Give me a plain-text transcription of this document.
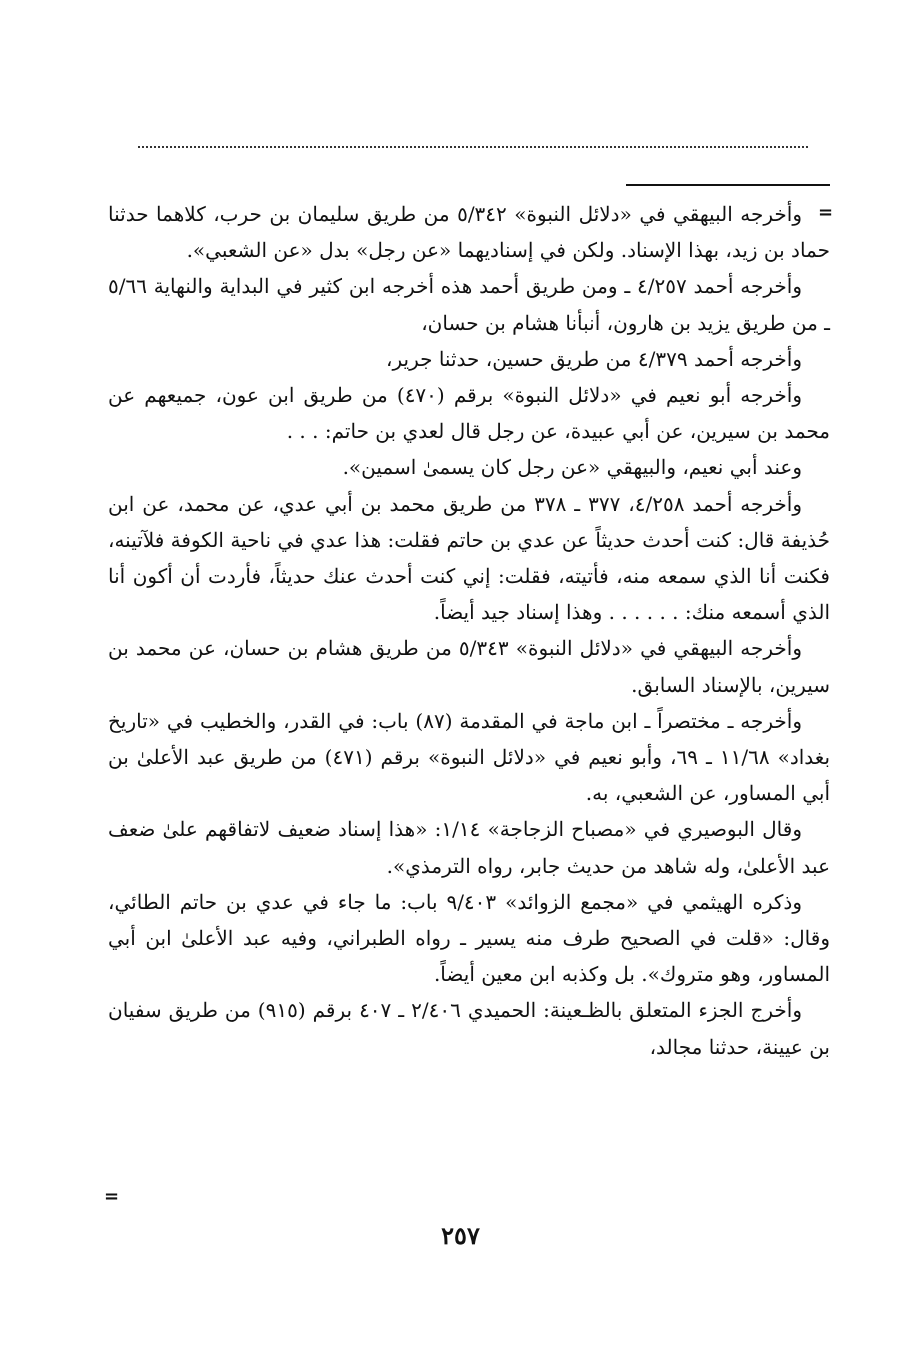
=

وأخرجه البيهقي في «دلائل النبوة» ٥/٣٤٢ من طريق سليمان بن حرب، كلاهما حدثنا حماد بن زيد، بهذا الإسناد. ولكن في إسناديهما «عن رجل» بدل «عن الشعبي».

وأخرجه أحمد ٤/٢٥٧ ـ ومن طريق أحمد هذه أخرجه ابن كثير في البداية والنهاية ٥/٦٦ ـ من طريق يزيد بن هارون، أنبأنا هشام بن حسان،

وأخرجه أحمد ٤/٣٧٩ من طريق حسين، حدثنا جرير،

وأخرجه أبو نعيم في «دلائل النبوة» برقم (٤٧٠) من طريق ابن عون، جميعهم عن محمد بن سيرين، عن أبي عبيدة، عن رجل قال لعدي بن حاتم: . . .

وعند أبي نعيم، والبيهقي «عن رجل كان يسمىٰ اسمين».

وأخرجه أحمد ٤/٢٥٨، ٣٧٧ ـ ٣٧٨ من طريق محمد بن أبي عدي، عن محمد، عن ابن حُذيفة قال: كنت أحدث حديثاً عن عدي بن حاتم فقلت: هذا عدي في ناحية الكوفة فلآتينه، فكنت أنا الذي سمعه منه، فأتيته، فقلت: إني كنت أحدث عنك حديثاً، فأردت أن أكون أنا الذي أسمعه منك: . . . . . . وهذا إسناد جيد أيضاً.

وأخرجه البيهقي في «دلائل النبوة» ٥/٣٤٣ من طريق هشام بن حسان، عن محمد بن سيرين، بالإسناد السابق.

وأخرجه ـ مختصراً ـ ابن ماجة في المقدمة (٨٧) باب: في القدر، والخطيب في «تاريخ بغداد» ١١/٦٨ ـ ٦٩، وأبو نعيم في «دلائل النبوة» برقم (٤٧١) من طريق عبد الأعلىٰ بن أبي المساور، عن الشعبي، به.

وقال البوصيري في «مصباح الزجاجة» ١/١٤: «هذا إسناد ضعيف لاتفاقهم علىٰ ضعف عبد الأعلىٰ، وله شاهد من حديث جابر، رواه الترمذي».

وذكره الهيثمي في «مجمع الزوائد» ٩/٤٠٣ باب: ما جاء في عدي بن حاتم الطائي، وقال: «قلت في الصحيح طرف منه يسير ـ رواه الطبراني، وفيه عبد الأعلىٰ ابن أبي المساور، وهو متروك». بل وكذبه ابن معين أيضاً.

وأخرج الجزء المتعلق بالظـعينة: الحميدي ٢/٤٠٦ ـ ٤٠٧ برقم (٩١٥) من طريق سفيان بن عيينة، حدثنا مجالد،

=
٢٥٧
